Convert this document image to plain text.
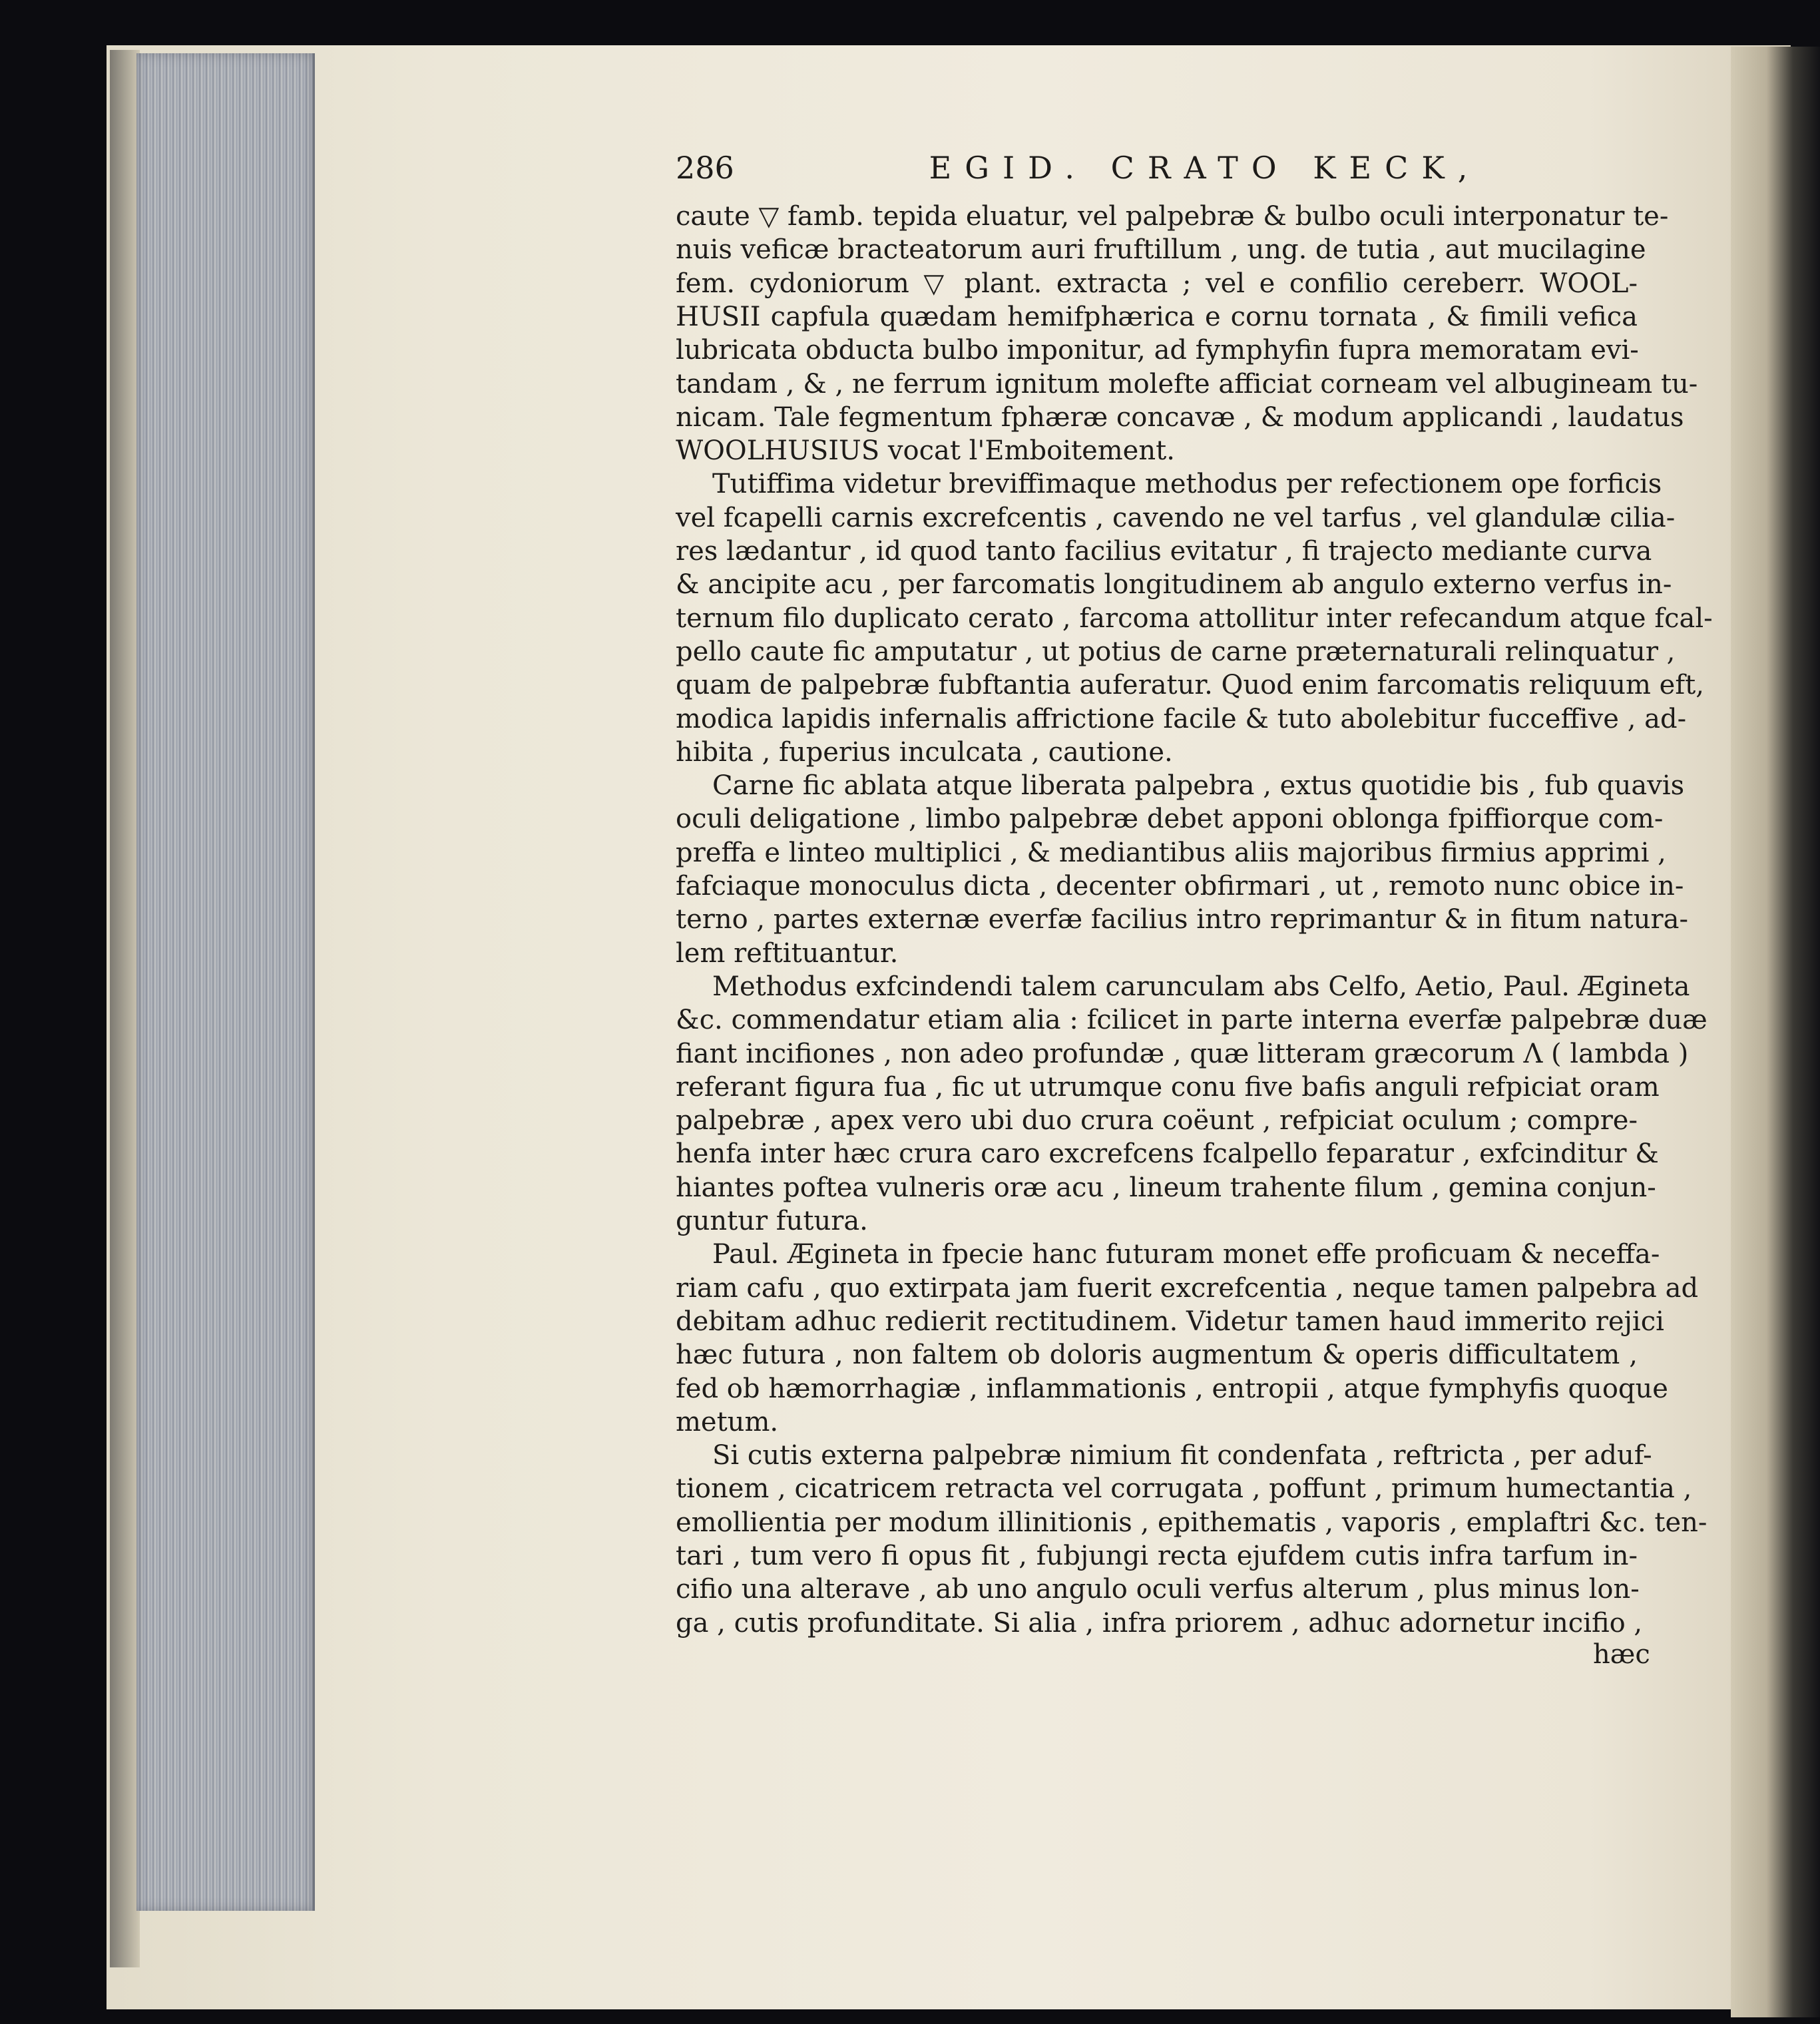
286	EGID. CRATO KECK,
caute ▽ famb. tepida eluatur, vel palpebræ & bulbo oculi interponatur te-
nuis veficæ bracteatorum auri fruftillum , ung. de tutia , aut mucilagine
fem. cydoniorum ▽ plant. extracta ; vel e confilio cereberr. WOOL-
HUSII capfula quædam hemifphærica e cornu tornata , & fimili vefica
lubricata obducta bulbo imponitur, ad fymphyfin fupra memoratam evi-
tandam , & , ne ferrum ignitum molefte afficiat corneam vel albugineam tu-
nicam. Tale fegmentum fphæræ concavæ , & modum applicandi , laudatus
WOOLHUSIUS vocat l'Emboitement.
Tutiffima videtur breviffimaque methodus per refectionem ope forficis
vel fcapelli carnis excrefcentis , cavendo ne vel tarfus , vel glandulæ cilia-
res lædantur , id quod tanto facilius evitatur , fi trajecto mediante curva
& ancipite acu , per farcomatis longitudinem ab angulo externo verfus in-
ternum filo duplicato cerato , farcoma attollitur inter refecandum atque fcal-
pello caute fic amputatur , ut potius de carne præternaturali relinquatur ,
quam de palpebræ fubftantia auferatur. Quod enim farcomatis reliquum eft,
modica lapidis infernalis affrictione facile & tuto abolebitur fucceffive , ad-
hibita , fuperius inculcata , cautione.
Carne fic ablata atque liberata palpebra , extus quotidie bis , fub quavis
oculi deligatione , limbo palpebræ debet apponi oblonga fpiffiorque com-
preffa e linteo multiplici , & mediantibus aliis majoribus firmius apprimi ,
fafciaque monoculus dicta , decenter obfirmari , ut , remoto nunc obice in-
terno , partes externæ everfæ facilius intro reprimantur & in fitum natura-
lem reftituantur.
Methodus exfcindendi talem carunculam abs Celfo, Aetio, Paul. Ægineta
&c. commendatur etiam alia : fcilicet in parte interna everfæ palpebræ duæ
fiant incifiones , non adeo profundæ , quæ litteram græcorum Λ ( lambda )
referant figura fua , fic ut utrumque conu five bafis anguli refpiciat oram
palpebræ , apex vero ubi duo crura coëunt , refpiciat oculum ; compre-
henfa inter hæc crura caro excrefcens fcalpello feparatur , exfcinditur &
hiantes poftea vulneris oræ acu , lineum trahente filum , gemina conjun-
guntur futura.
Paul. Ægineta in fpecie hanc futuram monet effe proficuam & neceffa-
riam cafu , quo extirpata jam fuerit excrefcentia , neque tamen palpebra ad
debitam adhuc redierit rectitudinem. Videtur tamen haud immerito rejici
hæc futura , non faltem ob doloris augmentum & operis difficultatem ,
fed ob hæmorrhagiæ , inflammationis , entropii , atque fymphyfis quoque
metum.
Si cutis externa palpebræ nimium fit condenfata , reftricta , per aduf-
tionem , cicatricem retracta vel corrugata , poffunt , primum humectantia ,
emollientia per modum illinitionis , epithematis , vaporis , emplaftri &c. ten-
tari , tum vero fi opus fit , fubjungi recta ejufdem cutis infra tarfum in-
cifio una alterave , ab uno angulo oculi verfus alterum , plus minus lon-
ga , cutis profunditate. Si alia , infra priorem , adhuc adornetur incifio ,
hæc
